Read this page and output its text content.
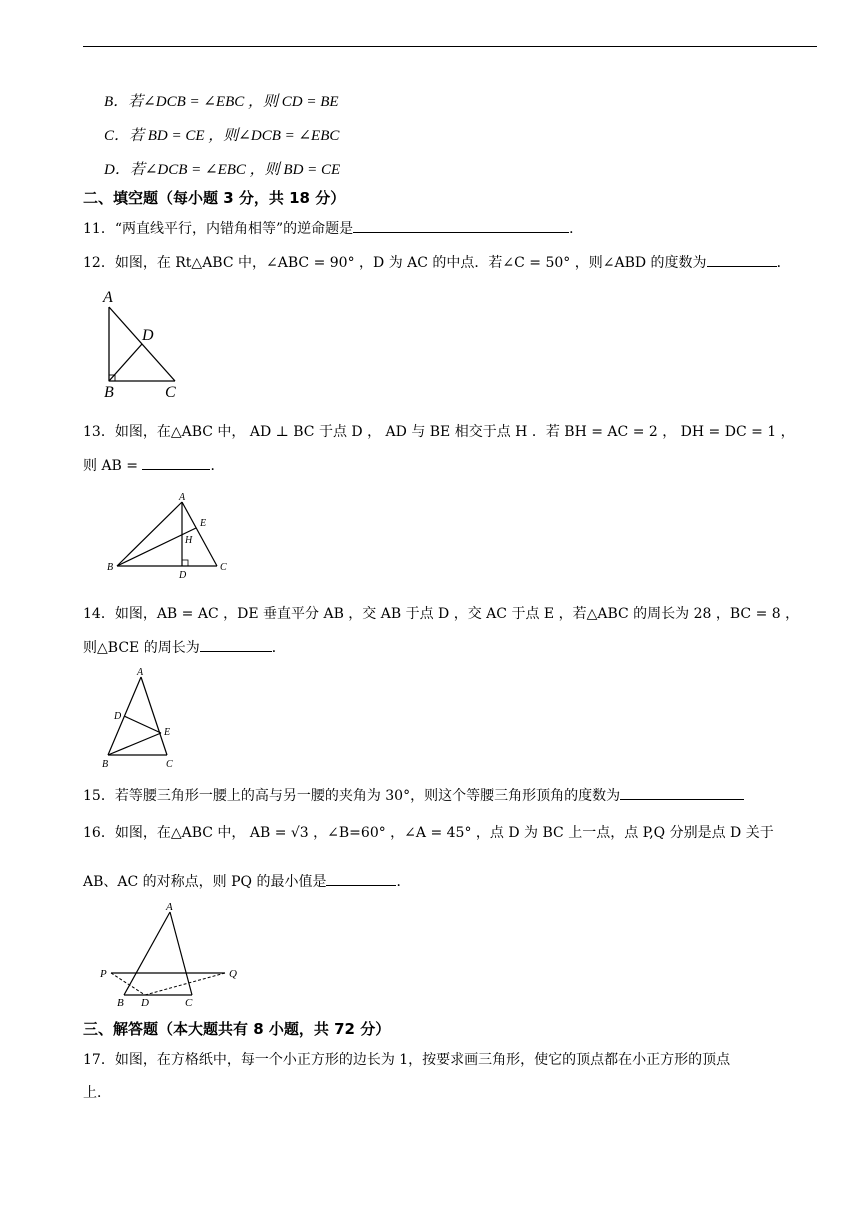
B．若∠DCB = ∠EBC ，则 CD = BE
C．若 BD = CE ，则∠DCB = ∠EBC
D．若∠DCB = ∠EBC ，则 BD = CE
二、填空题（每小题 3 分，共 18 分）
11．“两直线平行，内错角相等”的逆命题是	．
12．如图，在 Rt△ABC 中，∠ABC = 90° ，D 为 AC 的中点．若∠C = 50° ，则∠ABD 的度数为	．
A
D
B	C
13．如图，在△ABC 中， AD ⊥ BC 于点 D ， AD 与 BE 相交于点 H ．若 BH = AC = 2 ， DH = DC = 1 ，
则 AB =	．
A
E
H
B	C
D
14．如图，AB = AC ，DE 垂直平分 AB ，交 AB 于点 D ，交 AC 于点 E ，若△ABC 的周长为 28 ，BC = 8 ，
则△BCE 的周长为	．
A
D
E
B	C
15．若等腰三角形一腰上的高与另一腰的夹角为 30°，则这个等腰三角形顶角的度数为
16．如图，在△ABC 中， AB = √3 ，∠B=60° ，∠A = 45° ，点 D 为 BC 上一点，点 P,Q 分别是点 D 关于
AB、AC 的对称点，则 PQ 的最小值是	．
A
P	Q
B D	C
三、解答题（本大题共有 8 小题，共 72 分）
17．如图，在方格纸中，每一个小正方形的边长为 1，按要求画三角形，使它的顶点都在小正方形的顶点
上．
